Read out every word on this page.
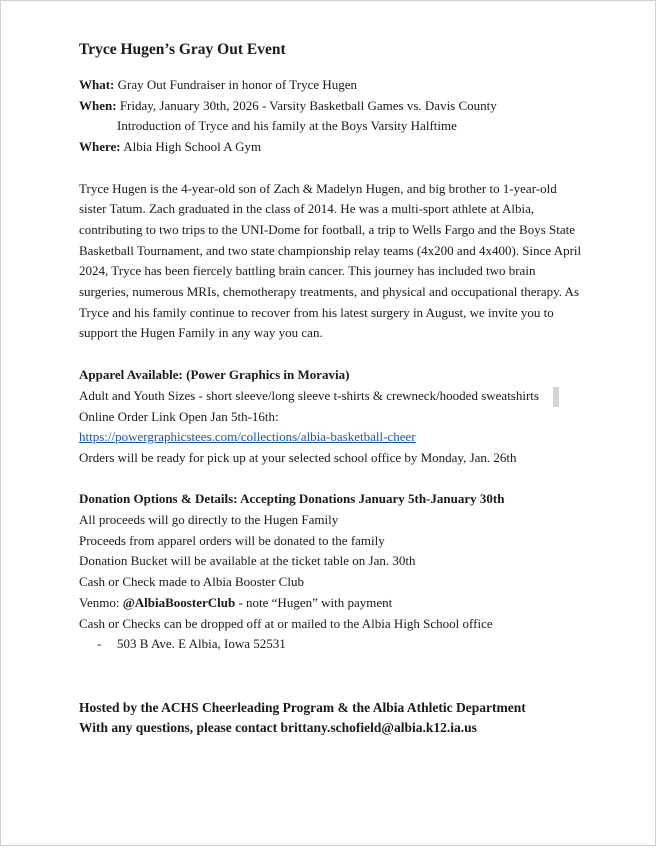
Tryce Hugen’s Gray Out Event
What: Gray Out Fundraiser in honor of Tryce Hugen
When: Friday, January 30th, 2026 - Varsity Basketball Games vs. Davis County
Introduction of Tryce and his family at the Boys Varsity Halftime
Where: Albia High School A Gym
Tryce Hugen is the 4-year-old son of Zach & Madelyn Hugen, and big brother to 1-year-old
sister Tatum. Zach graduated in the class of 2014. He was a multi-sport athlete at Albia,
contributing to two trips to the UNI-Dome for football, a trip to Wells Fargo and the Boys State
Basketball Tournament, and two state championship relay teams (4x200 and 4x400). Since April
2024, Tryce has been fiercely battling brain cancer. This journey has included two brain
surgeries, numerous MRIs, chemotherapy treatments, and physical and occupational therapy. As
Tryce and his family continue to recover from his latest surgery in August, we invite you to
support the Hugen Family in any way you can.
Apparel Available: (Power Graphics in Moravia)
Adult and Youth Sizes - short sleeve/long sleeve t-shirts & crewneck/hooded sweatshirts
Online Order Link Open Jan 5th-16th:
https://powergraphicstees.com/collections/albia-basketball-cheer
Orders will be ready for pick up at your selected school office by Monday, Jan. 26th
Donation Options & Details: Accepting Donations January 5th-January 30th
All proceeds will go directly to the Hugen Family
Proceeds from apparel orders will be donated to the family
Donation Bucket will be available at the ticket table on Jan. 30th
Cash or Check made to Albia Booster Club
Venmo: @AlbiaBoosterClub - note “Hugen” with payment
Cash or Checks can be dropped off at or mailed to the Albia High School office
- 503 B Ave. E Albia, Iowa 52531
Hosted by the ACHS Cheerleading Program & the Albia Athletic Department
With any questions, please contact brittany.schofield@albia.k12.ia.us
